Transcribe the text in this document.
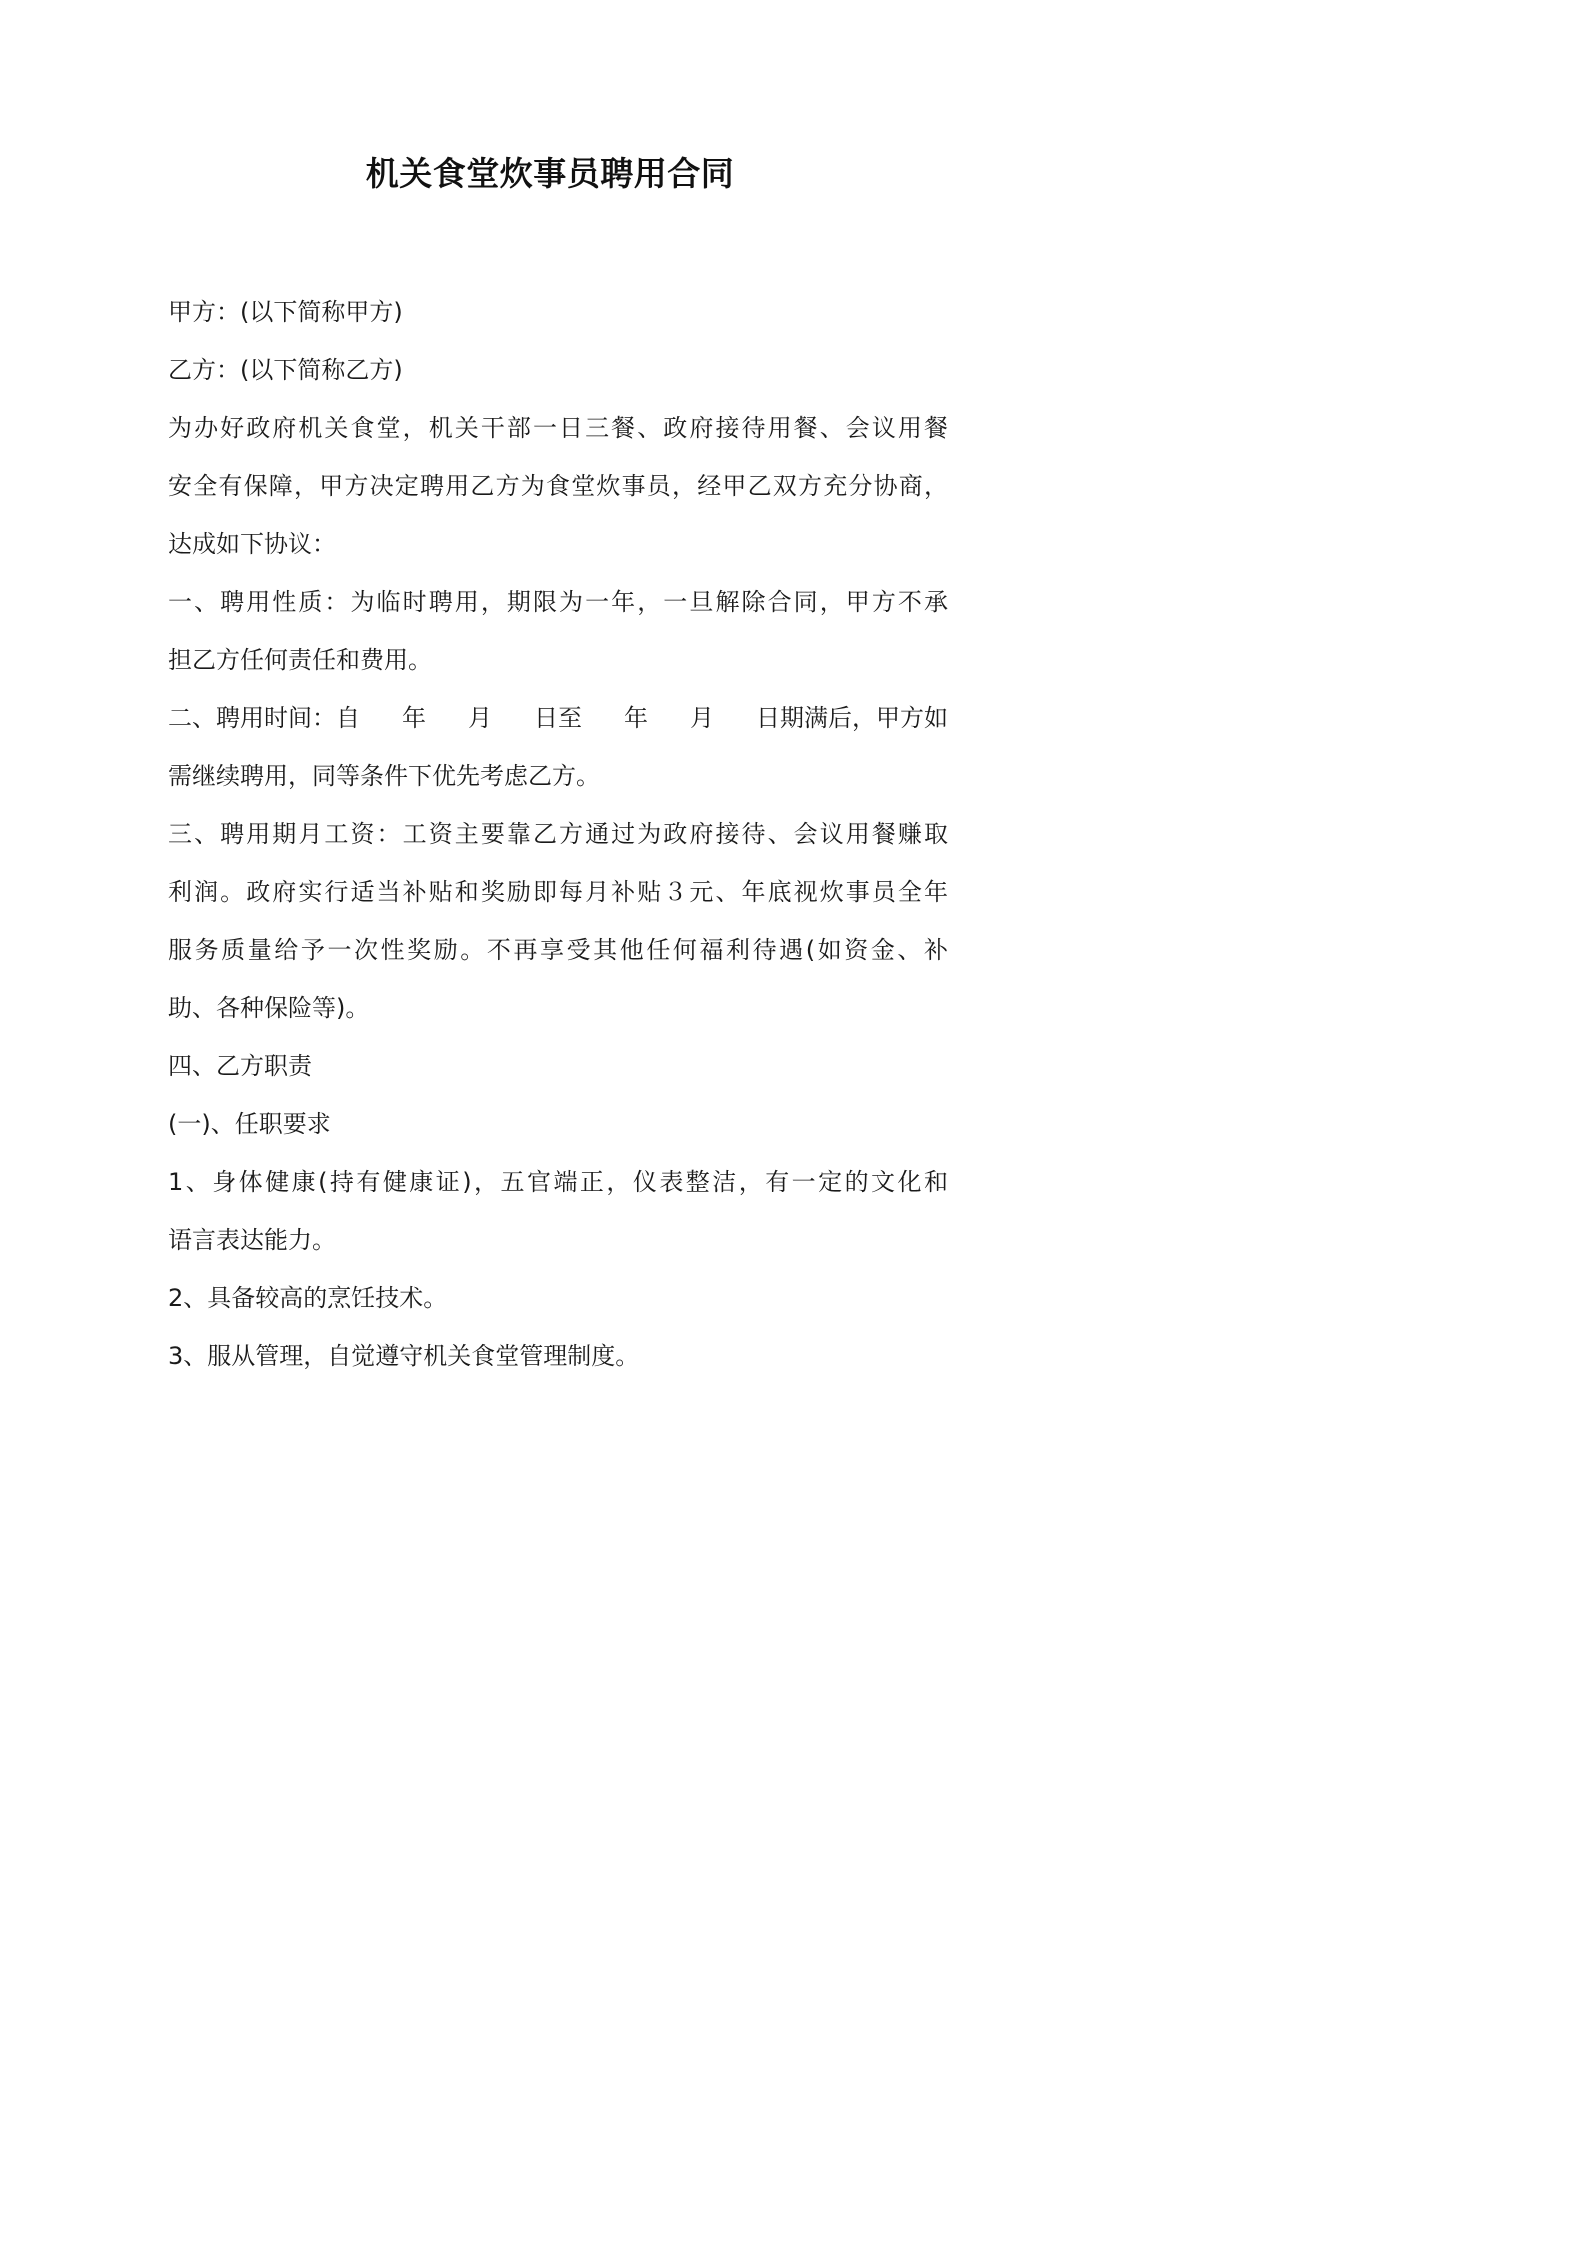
机关食堂炊事员聘用合同

甲方：(以下简称甲方)

乙方：(以下简称乙方)

为办好政府机关食堂，机关干部一日三餐、政府接待用餐、会议用餐

安全有保障，甲方决定聘用乙方为食堂炊事员，经甲乙双方充分协商，

达成如下协议：

一、聘用性质：为临时聘用，期限为一年，一旦解除合同，甲方不承

担乙方任何责任和费用。

二、聘用时间：自 年 月 日至 年 月 日期满后，甲方如

需继续聘用，同等条件下优先考虑乙方。

三、聘用期月工资：工资主要靠乙方通过为政府接待、会议用餐赚取

利润。政府实行适当补贴和奖励即每月补贴３元、年底视炊事员全年

服务质量给予一次性奖励。不再享受其他任何福利待遇(如资金、补

助、各种保险等)。

四、乙方职责

(一)、任职要求

1、身体健康(持有健康证)，五官端正，仪表整洁，有一定的文化和

语言表达能力。

2、具备较高的烹饪技术。

3、服从管理，自觉遵守机关食堂管理制度。
